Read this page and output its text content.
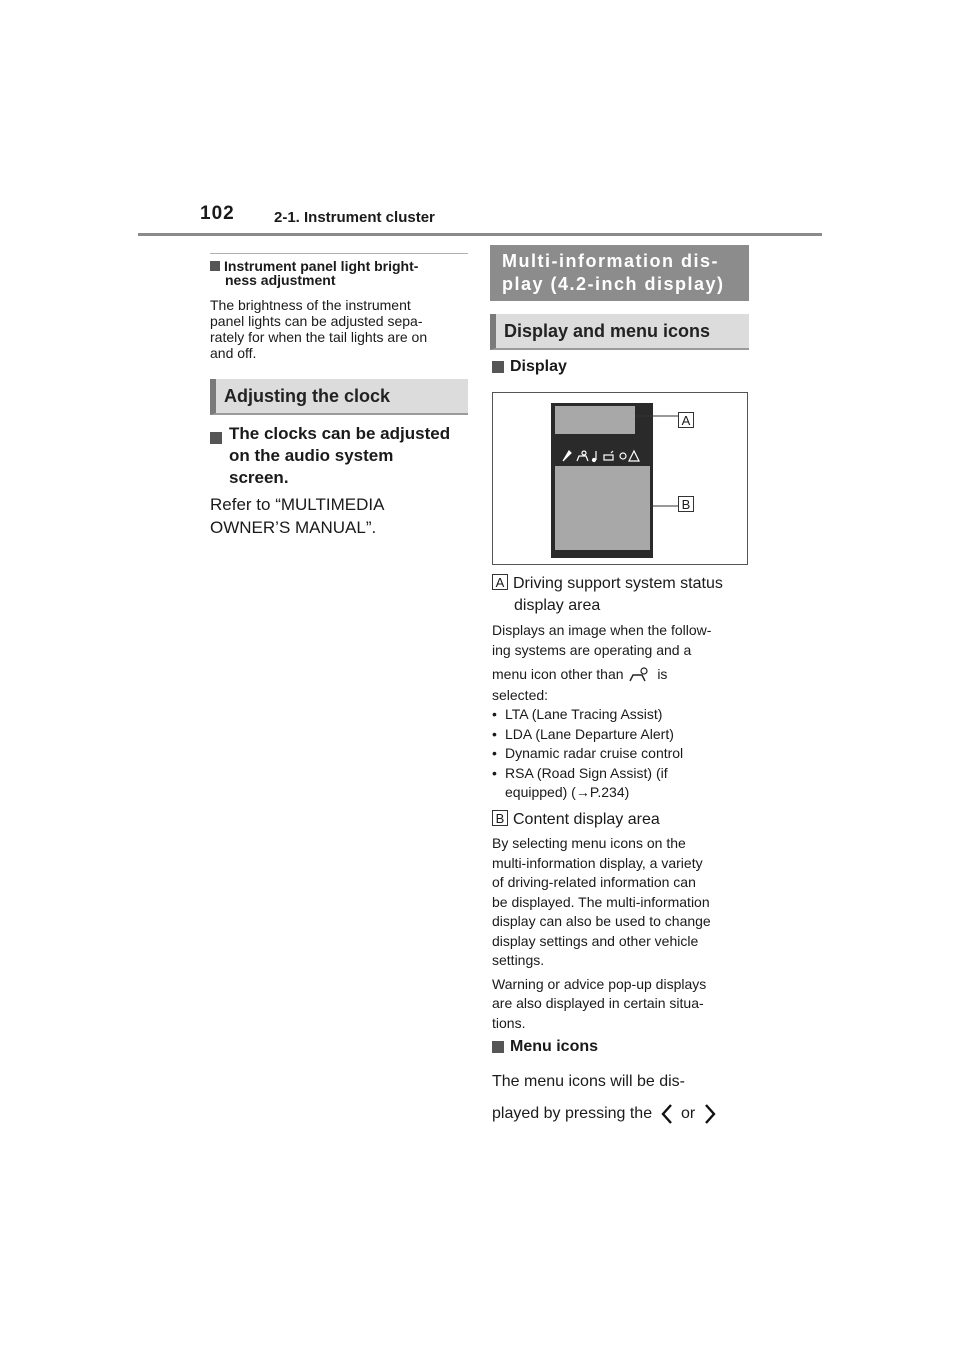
102	2-1. Instrument cluster
Instrument panel light bright-
ness adjustment
The brightness of the instrument
panel lights can be adjusted sepa-
rately for when the tail lights are on
and off.
Adjusting the clock
The clocks can be adjusted
on the audio system
screen.
Refer to “MULTIMEDIA
OWNER’S MANUAL”.
Multi-information dis-
play (4.2-inch display)
Display and menu icons
Display
A
B
A Driving support system status
display area
Displays an image when the follow-
ing systems are operating and a
menu icon other than is
selected:
• LTA (Lane Tracing Assist)
• LDA (Lane Departure Alert)
• Dynamic radar cruise control
• RSA (Road Sign Assist) (if
equipped) (→P.234)
B Content display area
By selecting menu icons on the
multi-information display, a variety
of driving-related information can
be displayed. The multi-information
display can also be used to change
display settings and other vehicle
settings.
Warning or advice pop-up displays
are also displayed in certain situa-
tions.
Menu icons
The menu icons will be dis-
played by pressing the or
